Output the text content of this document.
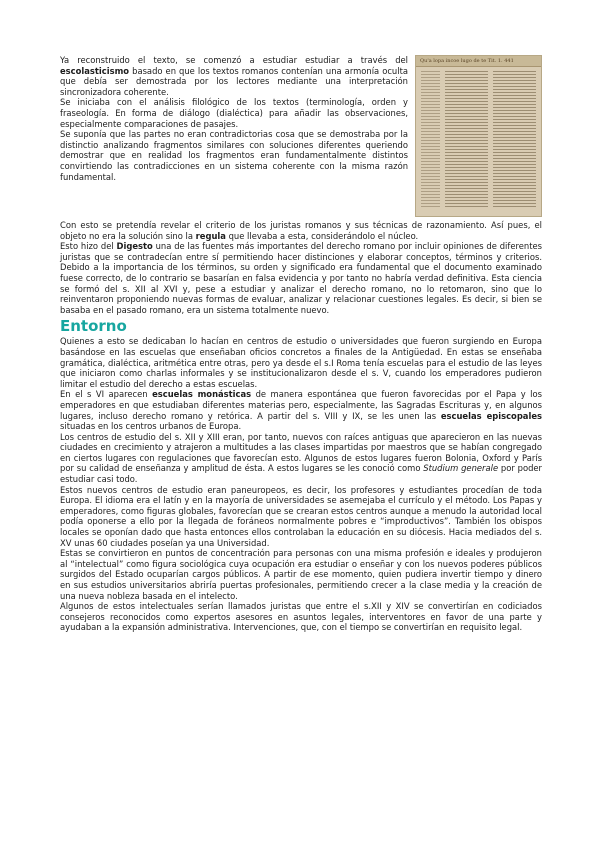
Ya reconstruido el texto, se comenzó a estudiar estudiar a través del escolasticismo basado en que los textos romanos contenían una armonía oculta que debía ser demostrada por los lectores mediante una interpretación sincronizadora coherente.

Se iniciaba con el análisis filológico de los textos (terminología, orden y fraseología. En forma de diálogo (dialéctica) para añadir las observaciones, especialmente comparaciones de pasajes.

Se suponía que las partes no eran contradictorias cosa que se demostraba por la distinctio analizando fragmentos similares con soluciones diferentes queriendo demostrar que en realidad los fragmentos eran fundamentalmente distintos convirtiendo las contradicciones en un sistema coherente con la misma razón fundamental.

Qu'a lopa incoe lugo de te Tit. 1. 441

Con esto se pretendía revelar el criterio de los juristas romanos y sus técnicas de razonamiento. Así pues, el objeto no era la solución sino la regula que llevaba a esta, considerándolo el núcleo.

Esto hizo del Digesto una de las fuentes más importantes del derecho romano por incluir opiniones de diferentes juristas que se contradecían entre sí permitiendo hacer distinciones y elaborar conceptos, términos y criterios. Debido a la importancia de los términos, su orden y significado era fundamental que el documento examinado fuese correcto, de lo contrario se basarían en falsa evidencia y por tanto no habría verdad definitiva. Esta ciencia se formó del s. XII al XVI y, pese a estudiar y analizar el derecho romano, no lo retomaron, sino que lo reinventaron proponiendo nuevas formas de evaluar, analizar y relacionar cuestiones legales. Es decir, si bien se basaba en el pasado romano, era un sistema totalmente nuevo.

Entorno

Quienes a esto se dedicaban lo hacían en centros de estudio o universidades que fueron surgiendo en Europa basándose en las escuelas que enseñaban oficios concretos a finales de la Antigüedad. En estas se enseñaba gramática, dialéctica, aritmética entre otras, pero ya desde el s.I Roma tenía escuelas para el estudio de las leyes que iniciaron como charlas informales y se institucionalizaron desde el s. V, cuando los emperadores pudieron limitar el estudio del derecho a estas escuelas.

En el s VI aparecen escuelas monásticas de manera espontánea que fueron favorecidas por el Papa y los emperadores en que estudiaban diferentes materias pero, especialmente, las Sagradas Escrituras y, en algunos lugares, incluso derecho romano y retórica. A partir del s. VIII y IX, se les unen las escuelas episcopales situadas en los centros urbanos de Europa.

Los centros de estudio del s. XII y XIII eran, por tanto, nuevos con raíces antiguas que aparecieron en las nuevas ciudades en crecimiento y atrajeron a multitudes a las clases impartidas por maestros que se habían congregado en ciertos lugares con regulaciones que favorecían esto. Algunos de estos lugares fueron Bolonia, Oxford y París por su calidad de enseñanza y amplitud de ésta. A estos lugares se les conoció como Studium generale por poder estudiar casi todo.

Estos nuevos centros de estudio eran paneuropeos, es decir, los profesores y estudiantes procedían de toda Europa. El idioma era el latín y en la mayoría de universidades se asemejaba el currículo y el método. Los Papas y emperadores, como figuras globales, favorecían que se crearan estos centros aunque a menudo la autoridad local podía oponerse a ello por la llegada de foráneos normalmente pobres e “improductivos”. También los obispos locales se oponían dado que hasta entonces ellos controlaban la educación en su diócesis. Hacia mediados del s. XV unas 60 ciudades poseían ya una Universidad.

Estas se convirtieron en puntos de concentración para personas con una misma profesión e ideales y produjeron al “intelectual” como figura sociológica cuya ocupación era estudiar o enseñar y con los nuevos poderes públicos surgidos del Estado ocuparían cargos públicos. A partir de ese momento, quien pudiera invertir tiempo y dinero en sus estudios universitarios abriría puertas profesionales, permitiendo crecer a la clase media y la creación de una nueva nobleza basada en el intelecto.

Algunos de estos intelectuales serían llamados juristas que entre el s.XII y XIV se convertirían en codiciados consejeros reconocidos como expertos asesores en asuntos legales, interventores en favor de una parte y ayudaban a la expansión administrativa. Intervenciones, que, con el tiempo se convertirían en requisito legal.
